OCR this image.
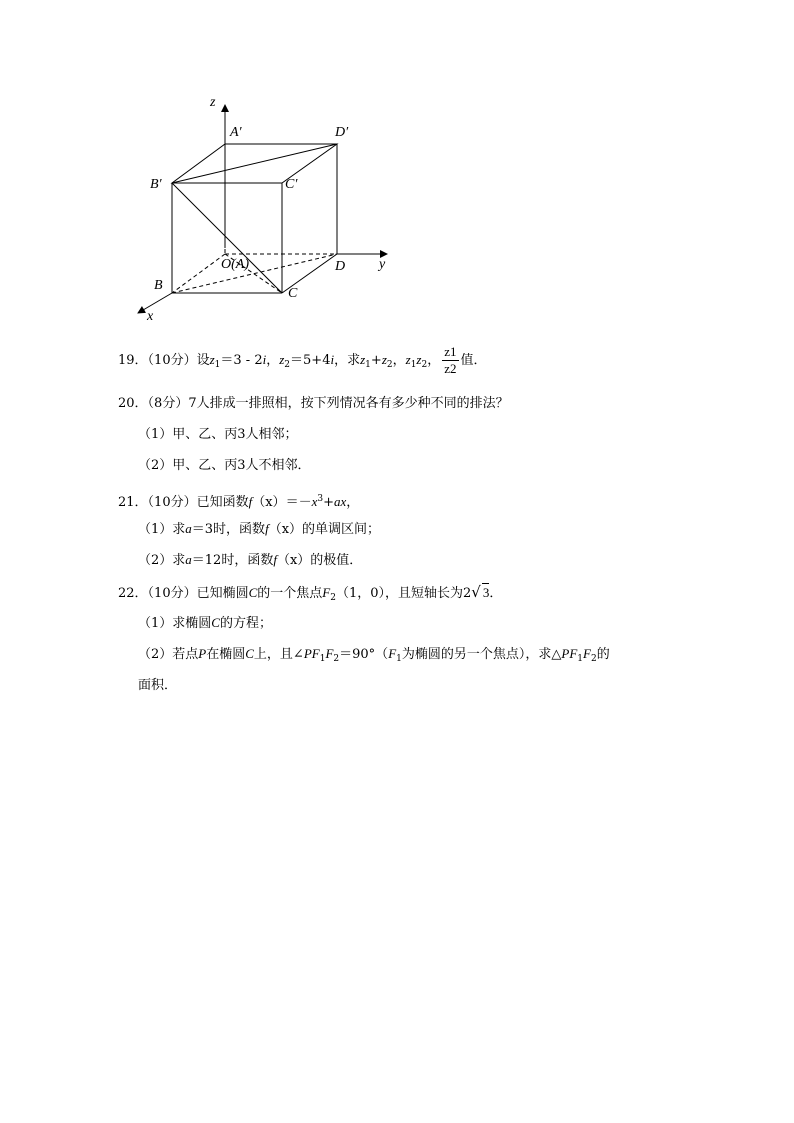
z
A′	D′
B′	C′
O(A)	D y
B
C
x
19．（10分）设$z_1=3 - 2i$，$z_2=5+4i$，求$z_1+z_2$，$z_1z_2$， $\frac{z1}{z2}$ 值．
20．（8分）7人排成一排照相，按下列情况各有多少种不同的排法？
（1）甲、乙、丙3人相邻；
（2）甲、乙、丙3人不相邻．
21．（10分）已知函数$f(x)=-x^3+ax$，
（1）求a＝3时，函数f（x）的单调区间；
（2）求a＝12时，函数f（x）的极值．
22．（10分）已知椭圆C的一个焦点$F_2(1$，0），且短轴长为2√ 3．
（1）求椭圆C的方程；
（2）若点P在椭圆C上，且$\angle PF_1F_2=90^\circ(F_1$为椭圆的另一个焦点），求$\triangle PF_1F_2$的
面积．
